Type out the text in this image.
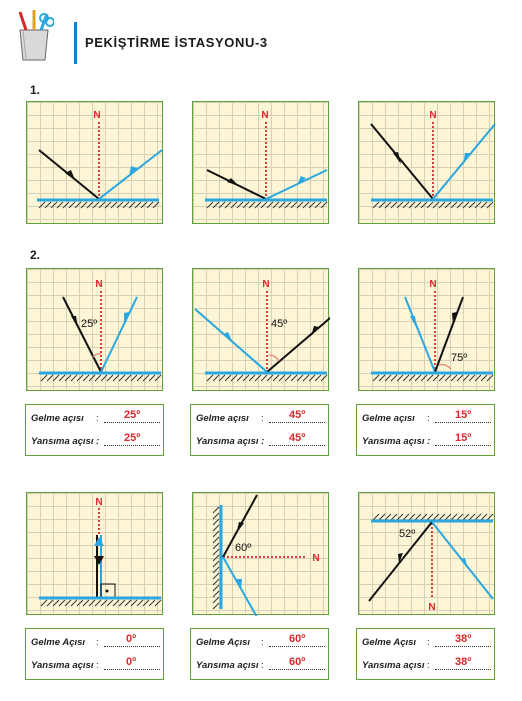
PEKİŞTİRME İSTASYONU-3
1.
2.
N	N	N
N
25º
N
45º
N
75º
Gelme açısı : 25º
Yansıma açısı : 25º
Gelme açısı : 45º
Yansıma açısı : 45º
Gelme açısı : 15º
Yansıma açısı : 15º
N
N
60º
N
52º
Gelme Açısı : 0º
Yansıma açısı : 0º
Gelme Açısı : 60º
Yansıma açısı : 60º
Gelme Açısı : 38º
Yansıma açısı : 38º
